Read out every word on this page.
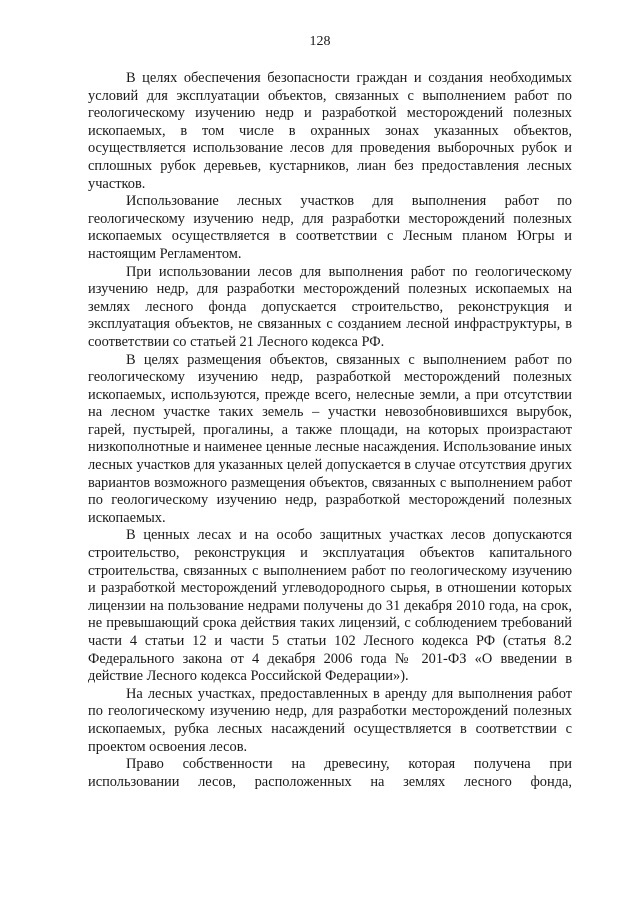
128

В целях обеспечения безопасности граждан и создания необходимых условий для эксплуатации объектов, связанных с выполнением работ по геологическому изучению недр и разработкой месторождений полезных ископаемых, в том числе в охранных зонах указанных объектов, осуществляется использование лесов для проведения выборочных рубок и сплошных рубок деревьев, кустарников, лиан без предоставления лесных участков.

Использование лесных участков для выполнения работ по геологическому изучению недр, для разработки месторождений полезных ископаемых осуществляется в соответствии с Лесным планом Югры и настоящим Регламентом.

При использовании лесов для выполнения работ по геологическому изучению недр, для разработки месторождений полезных ископаемых на землях лесного фонда допускается строительство, реконструкция и эксплуатация объектов, не связанных с созданием лесной инфраструктуры, в соответствии со статьей 21 Лесного кодекса РФ.

В целях размещения объектов, связанных с выполнением работ по геологическому изучению недр, разработкой месторождений полезных ископаемых, используются, прежде всего, нелесные земли, а при отсутствии на лесном участке таких земель – участки невозобновившихся вырубок, гарей, пустырей, прогалины, а также площади, на которых произрастают низкополнотные и наименее ценные лесные насаждения. Использование иных лесных участков для указанных целей допускается в случае отсутствия других вариантов возможного размещения объектов, связанных с выполнением работ по геологическому изучению недр, разработкой месторождений полезных ископаемых.

В ценных лесах и на особо защитных участках лесов допускаются строительство, реконструкция и эксплуатация объектов капитального строительства, связанных с выполнением работ по геологическому изучению и разработкой месторождений углеводородного сырья, в отношении которых лицензии на пользование недрами получены до 31 декабря 2010 года, на срок, не превышающий срока действия таких лицензий, с соблюдением требований части 4 статьи 12 и части 5 статьи 102 Лесного кодекса РФ (статья 8.2 Федерального закона от 4 декабря 2006 года № 201-ФЗ «О введении в действие Лесного кодекса Российской Федерации»).

На лесных участках, предоставленных в аренду для выполнения работ по геологическому изучению недр, для разработки месторождений полезных ископаемых, рубка лесных насаждений осуществляется в соответствии с проектом освоения лесов.

Право собственности на древесину, которая получена при использовании лесов, расположенных на землях лесного фонда,
